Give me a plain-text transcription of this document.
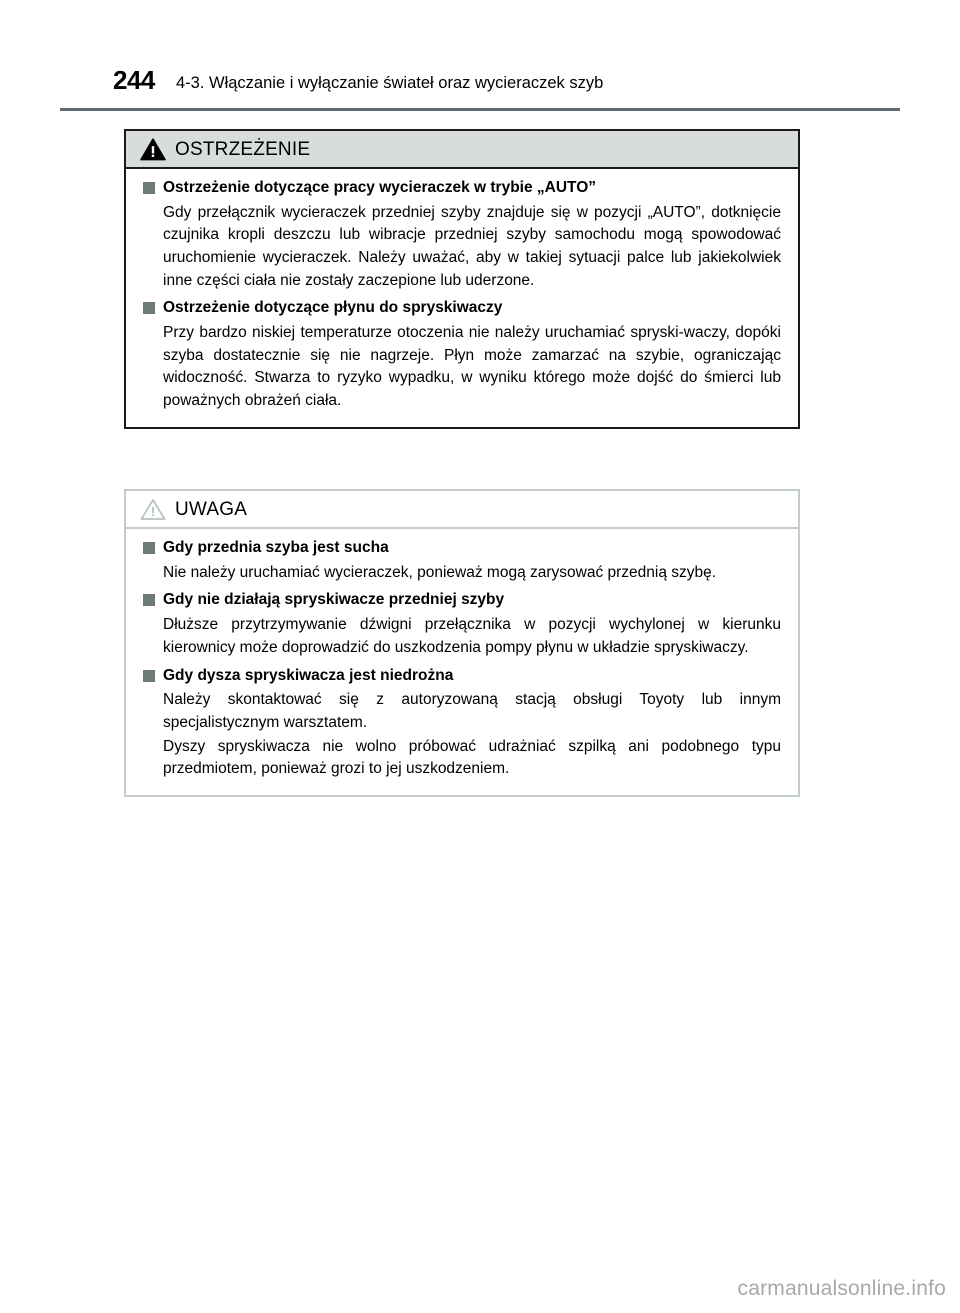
244 4-3. Włączanie i wyłączanie świateł oraz wycieraczek szyb
OSTRZEŻENIE
Ostrzeżenie dotyczące pracy wycieraczek w trybie „AUTO”
Gdy przełącznik wycieraczek przedniej szyby znajduje się w pozycji „AUTO”, dotknięcie czujnika kropli deszczu lub wibracje przedniej szyby samochodu mogą spowodować uruchomienie wycieraczek. Należy uważać, aby w takiej sytuacji palce lub jakiekolwiek inne części ciała nie zostały zaczepione lub uderzone.
Ostrzeżenie dotyczące płynu do spryskiwaczy
Przy bardzo niskiej temperaturze otoczenia nie należy uruchamiać spryski-waczy, dopóki szyba dostatecznie się nie nagrzeje. Płyn może zamarzać na szybie, ograniczając widoczność. Stwarza to ryzyko wypadku, w wyniku którego może dojść do śmierci lub poważnych obrażeń ciała.
UWAGA
Gdy przednia szyba jest sucha
Nie należy uruchamiać wycieraczek, ponieważ mogą zarysować przednią szybę.
Gdy nie działają spryskiwacze przedniej szyby
Dłuższe przytrzymywanie dźwigni przełącznika w pozycji wychylonej w kierunku kierownicy może doprowadzić do uszkodzenia pompy płynu w układzie spryskiwaczy.
Gdy dysza spryskiwacza jest niedrożna
Należy skontaktować się z autoryzowaną stacją obsługi Toyoty lub innym specjalistycznym warsztatem.
Dyszy spryskiwacza nie wolno próbować udrażniać szpilką ani podobnego typu przedmiotem, ponieważ grozi to jej uszkodzeniem.
carmanualsonline.info
